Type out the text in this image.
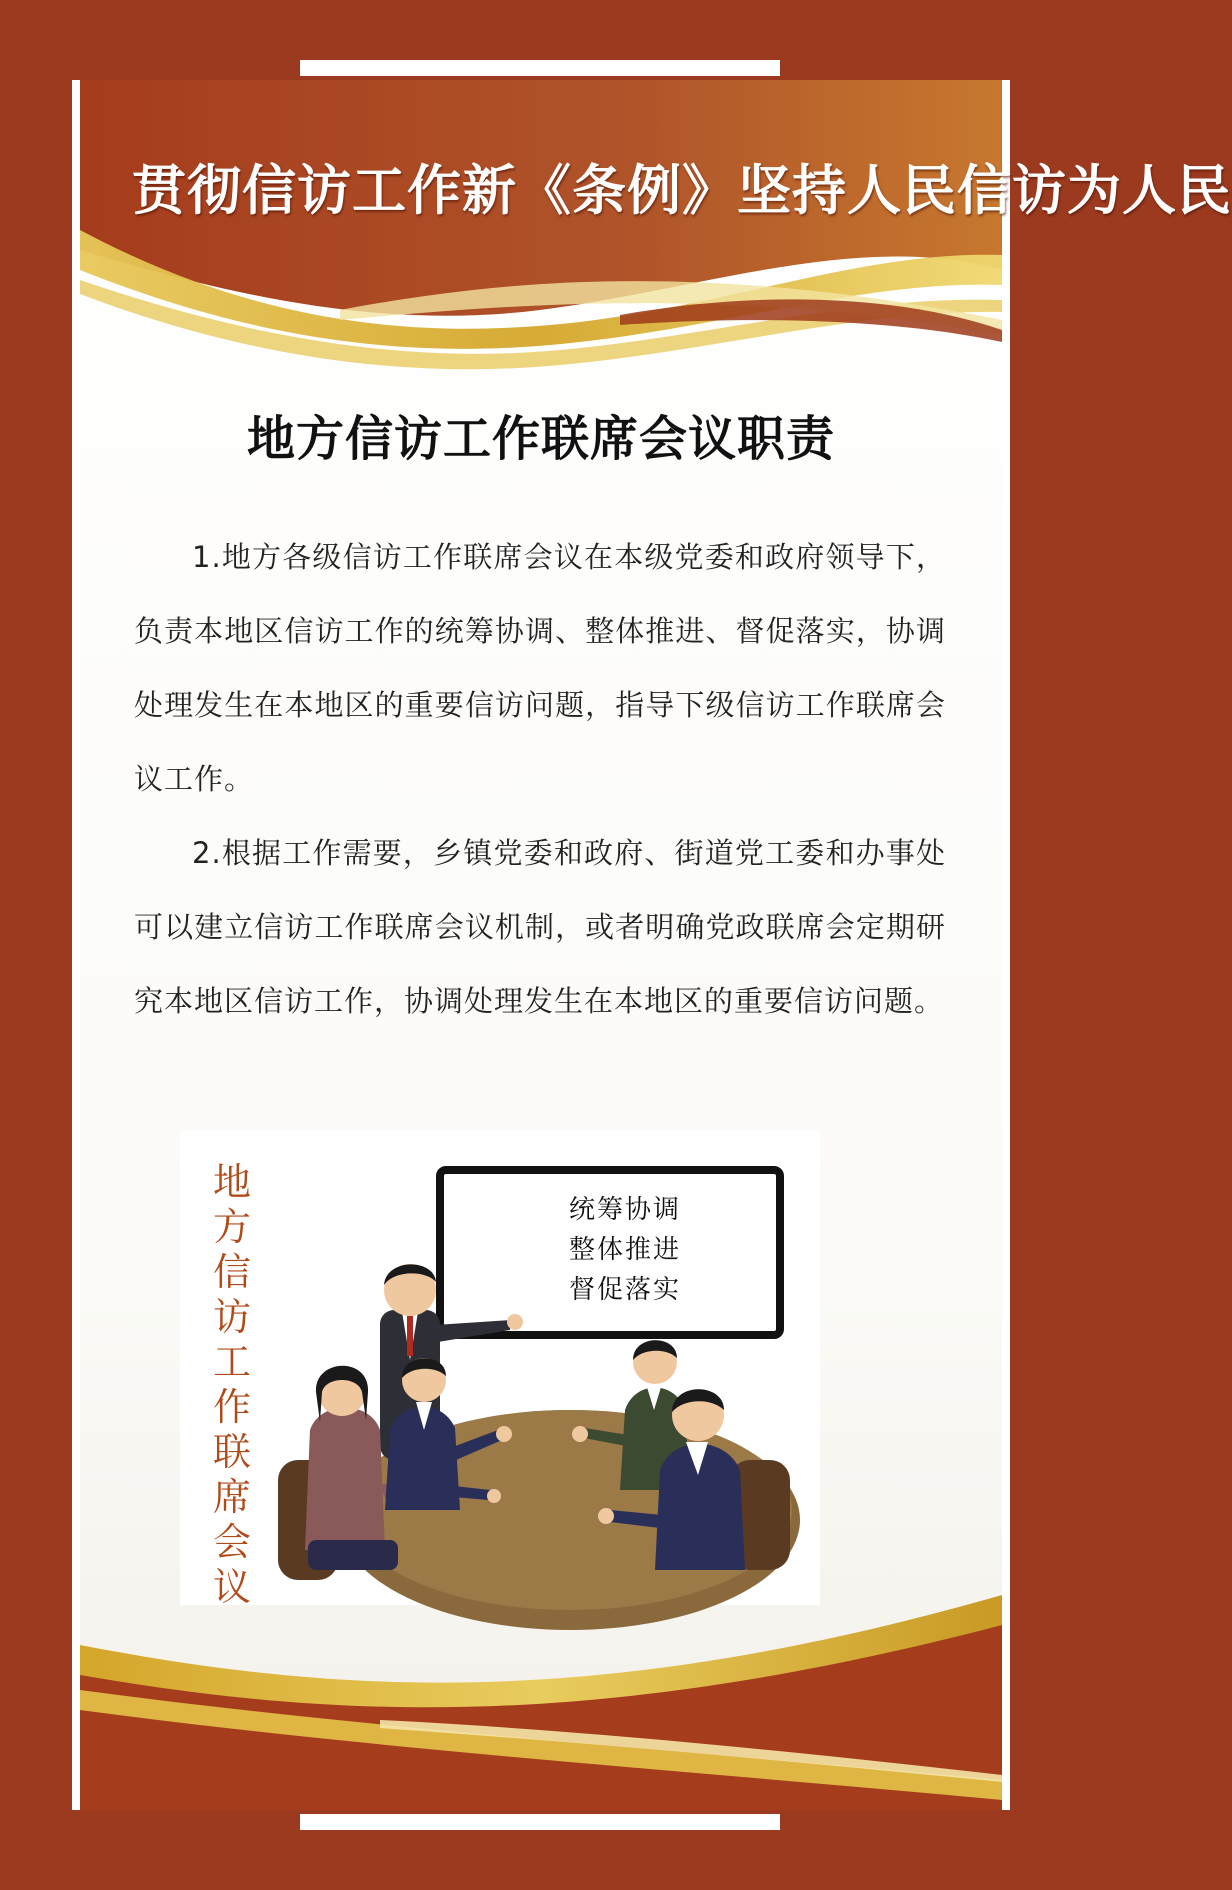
贯彻信访工作新《条例》 坚持人民信访为人民
地方信访工作联席会议职责

1.地方各级信访工作联席会议在本级党委和政府领导下，负责本地区信访工作的统筹协调、整体推进、督促落实，协调处理发生在本地区的重要信访问题，指导下级信访工作联席会议工作。

2.根据工作需要，乡镇党委和政府、街道党工委和办事处可以建立信访工作联席会议机制，或者明确党政联席会定期研究本地区信访工作，协调处理发生在本地区的重要信访问题。

地方信访工作联席会议
统筹协调
整体推进
督促落实
